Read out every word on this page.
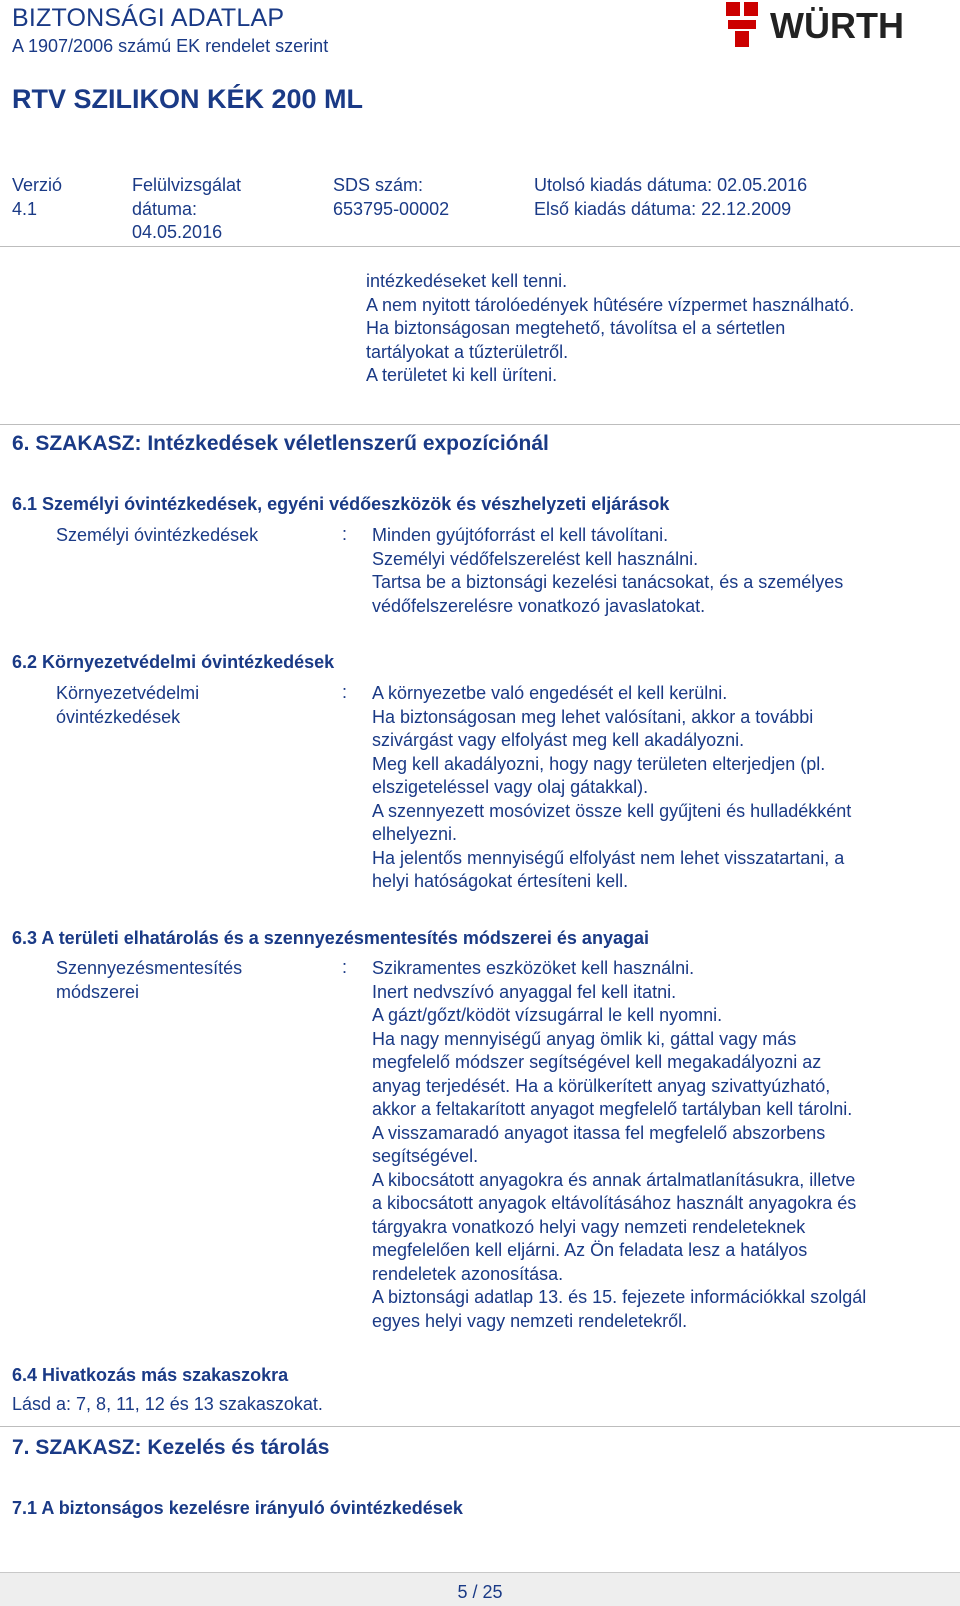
BIZTONSÁGI ADATLAP
A 1907/2006 számú EK rendelet szerint	WÜRTH
RTV SZILIKON KÉK 200 ML
Verzió
4.1
Felülvizsgálat
dátuma:
04.05.2016
SDS szám:
653795-00002
Utolsó kiadás dátuma: 02.05.2016
Első kiadás dátuma: 22.12.2009
intézkedéseket kell tenni.
A nem nyitott tárolóedények hûtésére vízpermet használható.
Ha biztonságosan megtehető, távolítsa el a sértetlen
tartályokat a tűzterületről.
A területet ki kell üríteni.
6. SZAKASZ: Intézkedések véletlenszerű expozíciónál
6.1 Személyi óvintézkedések, egyéni védőeszközök és vészhelyzeti eljárások
Személyi óvintézkedések	: Minden gyújtóforrást el kell távolítani.
Személyi védőfelszerelést kell használni.
Tartsa be a biztonsági kezelési tanácsokat, és a személyes
védőfelszerelésre vonatkozó javaslatokat.
6.2 Környezetvédelmi óvintézkedések
Környezetvédelmi
óvintézkedések
: A környezetbe való engedését el kell kerülni.
Ha biztonságosan meg lehet valósítani, akkor a további
szivárgást vagy elfolyást meg kell akadályozni.
Meg kell akadályozni, hogy nagy területen elterjedjen (pl.
elszigeteléssel vagy olaj gátakkal).
A szennyezett mosóvizet össze kell gyűjteni és hulladékként
elhelyezni.
Ha jelentős mennyiségű elfolyást nem lehet visszatartani, a
helyi hatóságokat értesíteni kell.
6.3 A területi elhatárolás és a szennyezésmentesítés módszerei és anyagai
Szennyezésmentesítés
módszerei
: Szikramentes eszközöket kell használni.
Inert nedvszívó anyaggal fel kell itatni.
A gázt/gőzt/ködöt vízsugárral le kell nyomni.
Ha nagy mennyiségű anyag ömlik ki, gáttal vagy más
megfelelő módszer segítségével kell megakadályozni az
anyag terjedését. Ha a körülkerített anyag szivattyúzható,
akkor a feltakarított anyagot megfelelő tartályban kell tárolni.
A visszamaradó anyagot itassa fel megfelelő abszorbens
segítségével.
A kibocsátott anyagokra és annak ártalmatlanításukra, illetve
a kibocsátott anyagok eltávolításához használt anyagokra és
tárgyakra vonatkozó helyi vagy nemzeti rendeleteknek
megfelelően kell eljárni. Az Ön feladata lesz a hatályos
rendeletek azonosítása.
A biztonsági adatlap 13. és 15. fejezete információkkal szolgál
egyes helyi vagy nemzeti rendeletekről.
6.4 Hivatkozás más szakaszokra
Lásd a: 7, 8, 11, 12 és 13 szakaszokat.
7. SZAKASZ: Kezelés és tárolás
7.1 A biztonságos kezelésre irányuló óvintézkedések
5 / 25
